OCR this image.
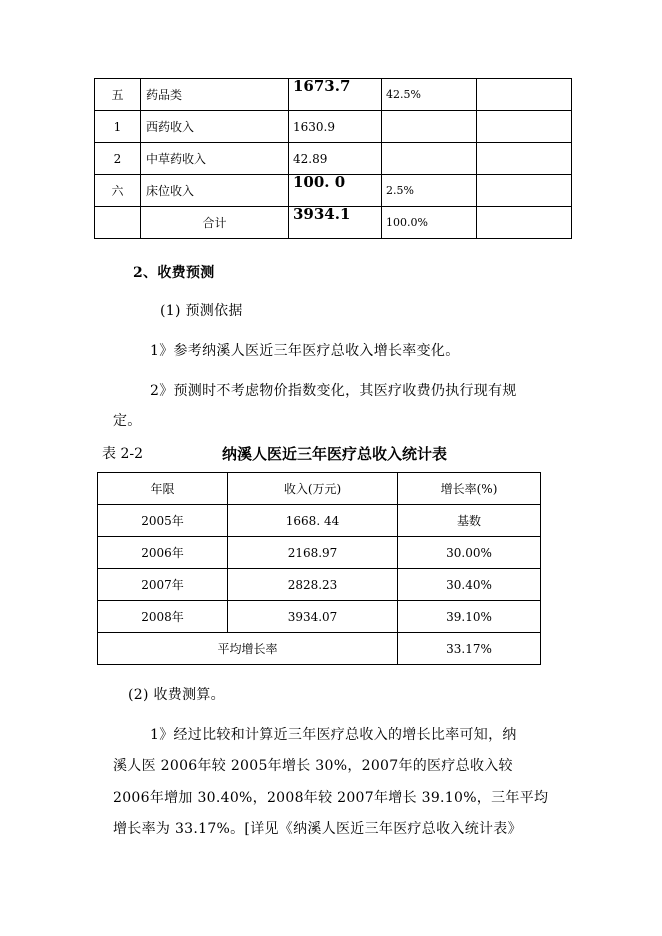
五	药品类	1673.7	42.5%	
1	西药收入	1630.9		
2	中草药收入	42.89		
六	床位收入	100. 0	2.5%	
	合计	3934.1	100.0%	
2、收费预测
(1) 预测依据
1》参考纳溪人医近三年医疗总收入增长率变化。
2》预测时不考虑物价指数变化，其医疗收费仍执行现有规
定。
表 2-2	纳溪人医近三年医疗总收入统计表
年限	收入(万元)	增长率(%)
2005年	1668. 44	基数
2006年	2168.97	30.00%
2007年	2828.23	30.40%
2008年	3934.07	39.10%
平均增长率		33.17%
(2) 收费测算。
1》经过比较和计算近三年医疗总收入的增长比率可知，纳
溪人医 2006年较 2005年增长 30%，2007年的医疗总收入较
2006年增加 30.40%，2008年较 2007年增长 39.10%，三年平均
增长率为 33.17%。[详见《纳溪人医近三年医疗总收入统计表》
